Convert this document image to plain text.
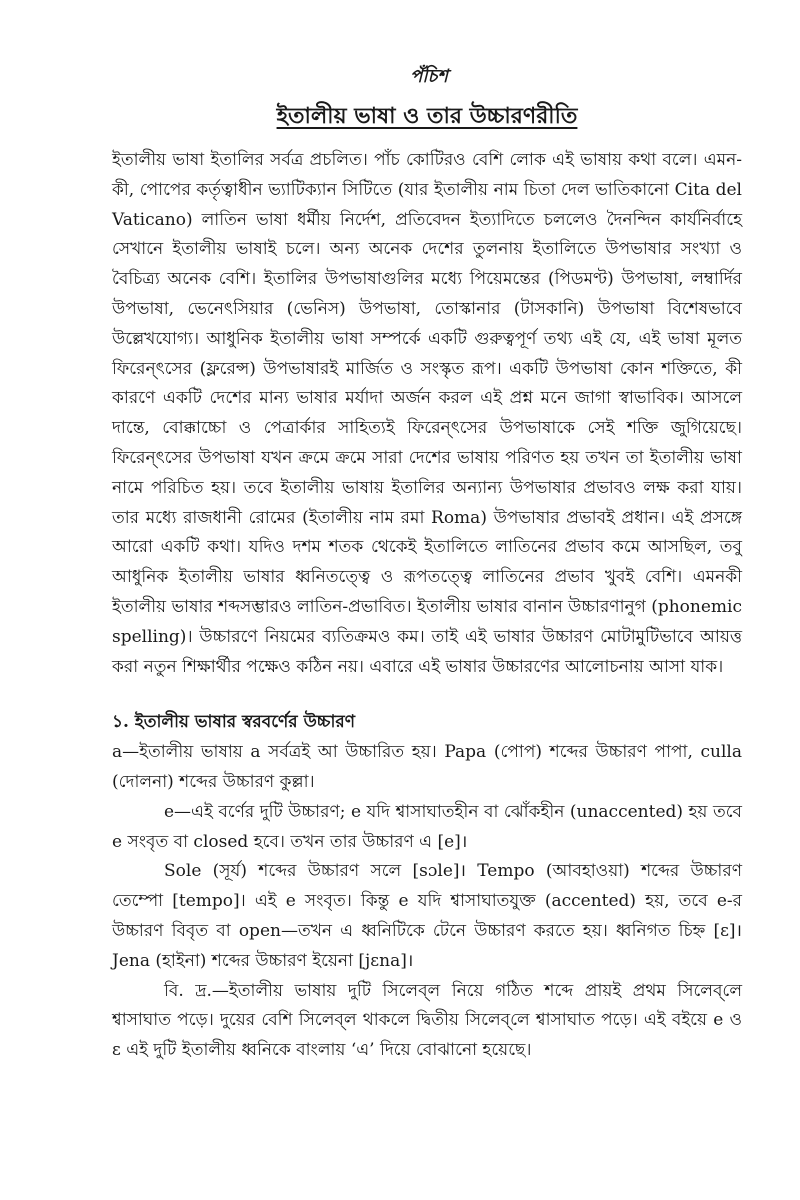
পঁচিশ
ইতালীয় ভাষা ও তার উচ্চারণরীতি

ইতালীয় ভাষা ইতালির সর্বত্র প্রচলিত। পাঁচ কোটিরও বেশি লোক এই ভাষায় কথা বলে। এমন-কী, পোপের কর্তৃত্বাধীন ভ্যাটিক্যান সিটিতে (যার ইতালীয় নাম চিতা দেল ভাতিকানো Cita del Vaticano) লাতিন ভাষা ধর্মীয় নির্দেশ, প্রতিবেদন ইত্যাদিতে চললেও দৈনন্দিন কার্যনির্বাহে সেখানে ইতালীয় ভাষাই চলে। অন্য অনেক দেশের তুলনায় ইতালিতে উপভাষার সংখ্যা ও বৈচিত্র্য অনেক বেশি। ইতালির উপভাষাগুলির মধ্যে পিয়েমন্তের (পিডমণ্ট) উপভাষা, লম্বার্দির উপভাষা, ভেনেৎসিয়ার (ভেনিস) উপভাষা, তোস্কানার (টাসকানি) উপভাষা বিশেষভাবে উল্লেখযোগ্য। আধুনিক ইতালীয় ভাষা সম্পর্কে একটি গুরুত্বপূর্ণ তথ্য এই যে, এই ভাষা মূলত ফিরেন্ৎসের (ফ্লরেন্স) উপভাষারই মার্জিত ও সংস্কৃত রূপ। একটি উপভাষা কোন শক্তিতে, কী কারণে একটি দেশের মান্য ভাষার মর্যাদা অর্জন করল এই প্রশ্ন মনে জাগা স্বাভাবিক। আসলে দান্তে, বোক্কাচ্চো ও পেত্রার্কার সাহিত্যই ফিরেন্ৎসের উপভাষাকে সেই শক্তি জুগিয়েছে। ফিরেন্ৎসের উপভাষা যখন ক্রমে ক্রমে সারা দেশের ভাষায় পরিণত হয় তখন তা ইতালীয় ভাষা নামে পরিচিত হয়। তবে ইতালীয় ভাষায় ইতালির অন্যান্য উপভাষার প্রভাবও লক্ষ করা যায়। তার মধ্যে রাজধানী রোমের (ইতালীয় নাম রমা Roma) উপভাষার প্রভাবই প্রধান। এই প্রসঙ্গে আরো একটি কথা। যদিও দশম শতক থেকেই ইতালিতে লাতিনের প্রভাব কমে আসছিল, তবু আধুনিক ইতালীয় ভাষার ধ্বনিতত্ত্বে ও রূপতত্ত্বে লাতিনের প্রভাব খুবই বেশি। এমনকী ইতালীয় ভাষার শব্দসম্ভারও লাতিন-প্রভাবিত। ইতালীয় ভাষার বানান উচ্চারণানুগ (phonemic spelling)। উচ্চারণে নিয়মের ব্যতিক্রমও কম। তাই এই ভাষার উচ্চারণ মোটামুটিভাবে আয়ত্ত করা নতুন শিক্ষার্থীর পক্ষেও কঠিন নয়। এবারে এই ভাষার উচ্চারণের আলোচনায় আসা যাক।

১. ইতালীয় ভাষার স্বরবর্ণের উচ্চারণ

a—ইতালীয় ভাষায় a সর্বত্রই আ উচ্চারিত হয়। Papa (পোপ) শব্দের উচ্চারণ পাপা, culla (দোলনা) শব্দের উচ্চারণ কুল্লা।

e—এই বর্ণের দুটি উচ্চারণ; e যদি শ্বাসাঘাতহীন বা ঝোঁকহীন (unaccented) হয় তবে e সংবৃত বা closed হবে। তখন তার উচ্চারণ এ [e]।

Sole (সূর্য) শব্দের উচ্চারণ সলে [sɔle]। Tempo (আবহাওয়া) শব্দের উচ্চারণ তেম্পো [tempo]। এই e সংবৃত। কিন্তু e যদি শ্বাসাঘাতযুক্ত (accented) হয়, তবে e-র উচ্চারণ বিবৃত বা open—তখন এ ধ্বনিটিকে টেনে উচ্চারণ করতে হয়। ধ্বনিগত চিহ্ন [ɛ]। Jena (হাইনা) শব্দের উচ্চারণ ইয়েনা [jɛna]।

বি. দ্র.—ইতালীয় ভাষায় দুটি সিলেব্‌ল নিয়ে গঠিত শব্দে প্রায়ই প্রথম সিলেব্‌লে শ্বাসাঘাত পড়ে। দুয়ের বেশি সিলেব্‌ল থাকলে দ্বিতীয় সিলেব্‌লে শ্বাসাঘাত পড়ে। এই বইয়ে e ও ɛ এই দুটি ইতালীয় ধ্বনিকে বাংলায় ‘এ’ দিয়ে বোঝানো হয়েছে।
